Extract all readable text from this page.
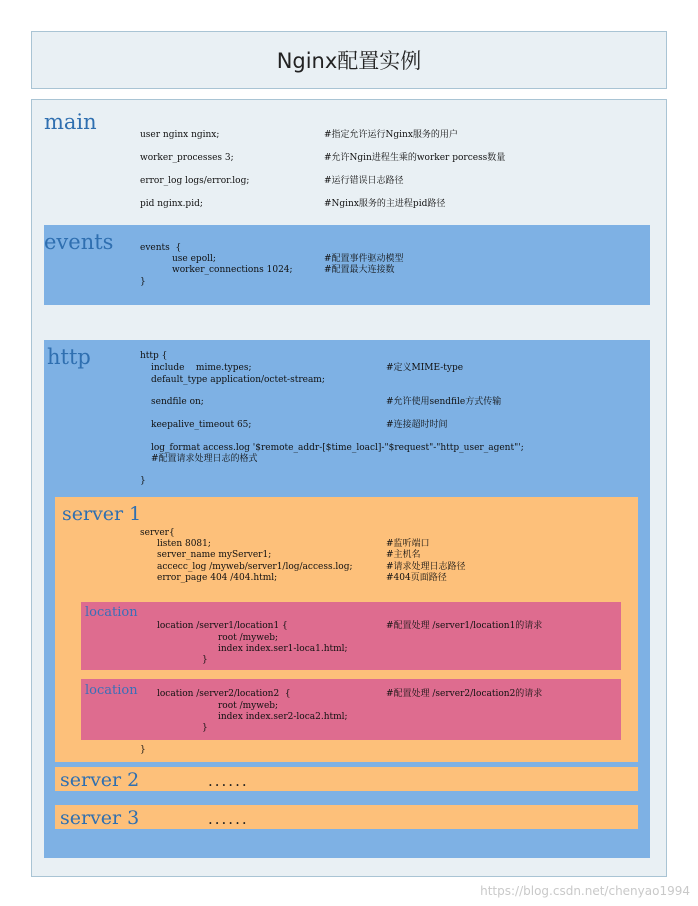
Nginx配置实例
main
user nginx nginx;	#指定允许运行Nginx服务的用户
worker_processes 3;	#允许Ngin进程生乘的worker porcess数量
error_log logs/error.log;	#运行错误日志路径
pid nginx.pid;	#Nginx服务的主进程pid路径
events	events  {
use epoll;	#配置事件驱动模型
worker_connections 1024;	#配置最大连接数
}
http	http {
include    mime.types;	#定义MIME-type
default_type application/octet-stream;
sendfile on;	#允许使用sendfile方式传输
keepalive_timeout 65;	#连接超时时间
log_format access.log '$remote_addr-[$time_loacl]-"$request"-"http_user_agent"';
#配置请求处理日志的格式
}
server 1
server{
listen 8081;	#监听端口
server_name myServer1;	#主机名
accecc_log /myweb/server1/log/access.log;	#请求处理日志路径
error_page 404 /404.html;	#404页面路径
location
location /server1/location1 {	#配置处理 /server1/location1的请求
root /myweb;
index index.ser1-loca1.html;
}
location location /server2/location2  {	#配置处理 /server2/location2的请求
root /myweb;
index index.ser2-loca2.html;
}
}
server 2	......
server 3	......
https://blog.csdn.net/chenyao1994
